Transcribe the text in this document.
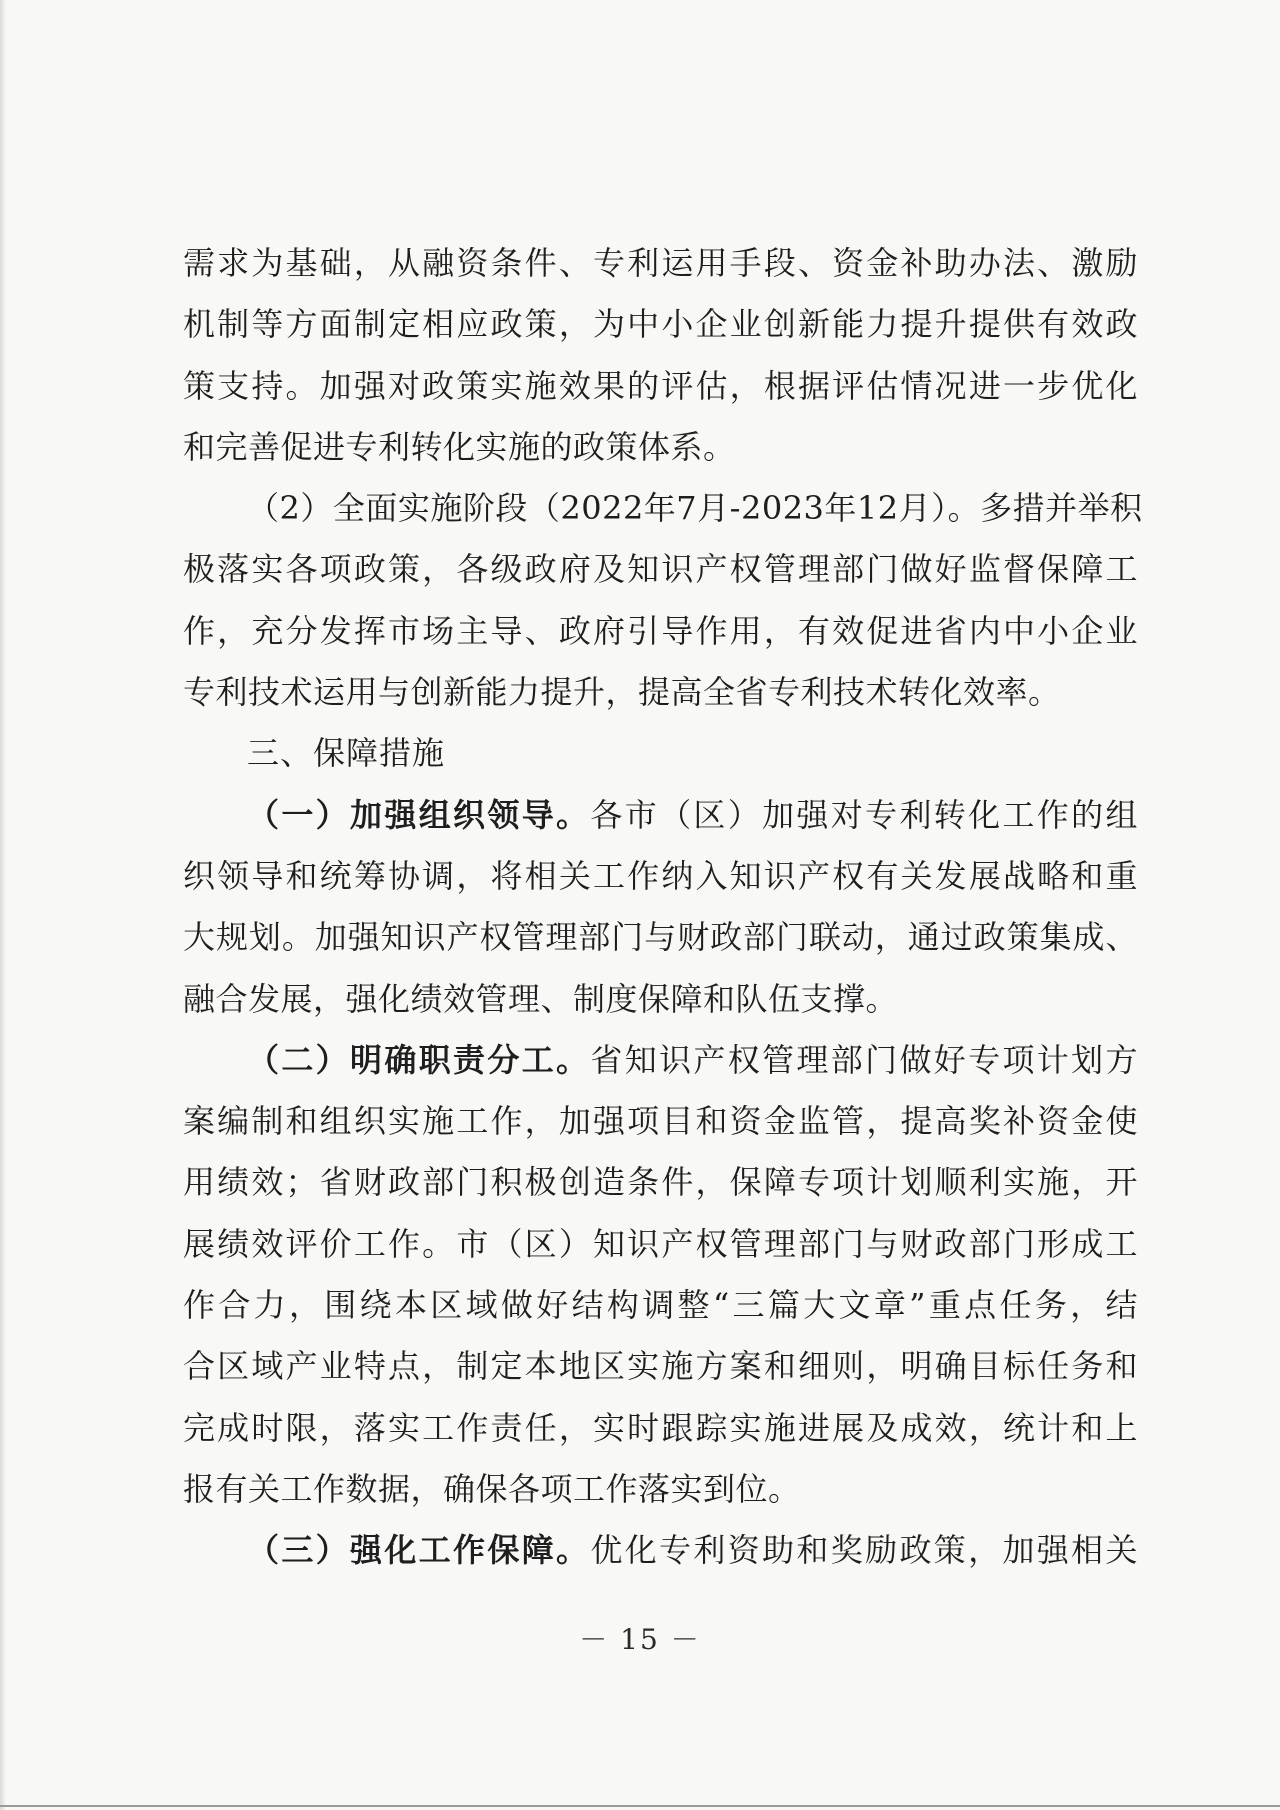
需求为基础，从融资条件、专利运用手段、资金补助办法、激励
机制等方面制定相应政策，为中小企业创新能力提升提供有效政
策支持。加强对政策实施效果的评估，根据评估情况进一步优化
和完善促进专利转化实施的政策体系。
（2）全面实施阶段（2022年7月-2023年12月）。多措并举积
极落实各项政策，各级政府及知识产权管理部门做好监督保障工
作，充分发挥市场主导、政府引导作用，有效促进省内中小企业
专利技术运用与创新能力提升，提高全省专利技术转化效率。
三、保障措施
（一）加强组织领导。各市（区）加强对专利转化工作的组
织领导和统筹协调，将相关工作纳入知识产权有关发展战略和重
大规划。加强知识产权管理部门与财政部门联动，通过政策集成、
融合发展，强化绩效管理、制度保障和队伍支撑。
（二）明确职责分工。省知识产权管理部门做好专项计划方
案编制和组织实施工作，加强项目和资金监管，提高奖补资金使
用绩效；省财政部门积极创造条件，保障专项计划顺利实施，开
展绩效评价工作。市（区）知识产权管理部门与财政部门形成工
作合力，围绕本区域做好结构调整“三篇大文章”重点任务，结
合区域产业特点，制定本地区实施方案和细则，明确目标任务和
完成时限，落实工作责任，实时跟踪实施进展及成效，统计和上
报有关工作数据，确保各项工作落实到位。
（三）强化工作保障。优化专利资助和奖励政策，加强相关
－ 15 －
